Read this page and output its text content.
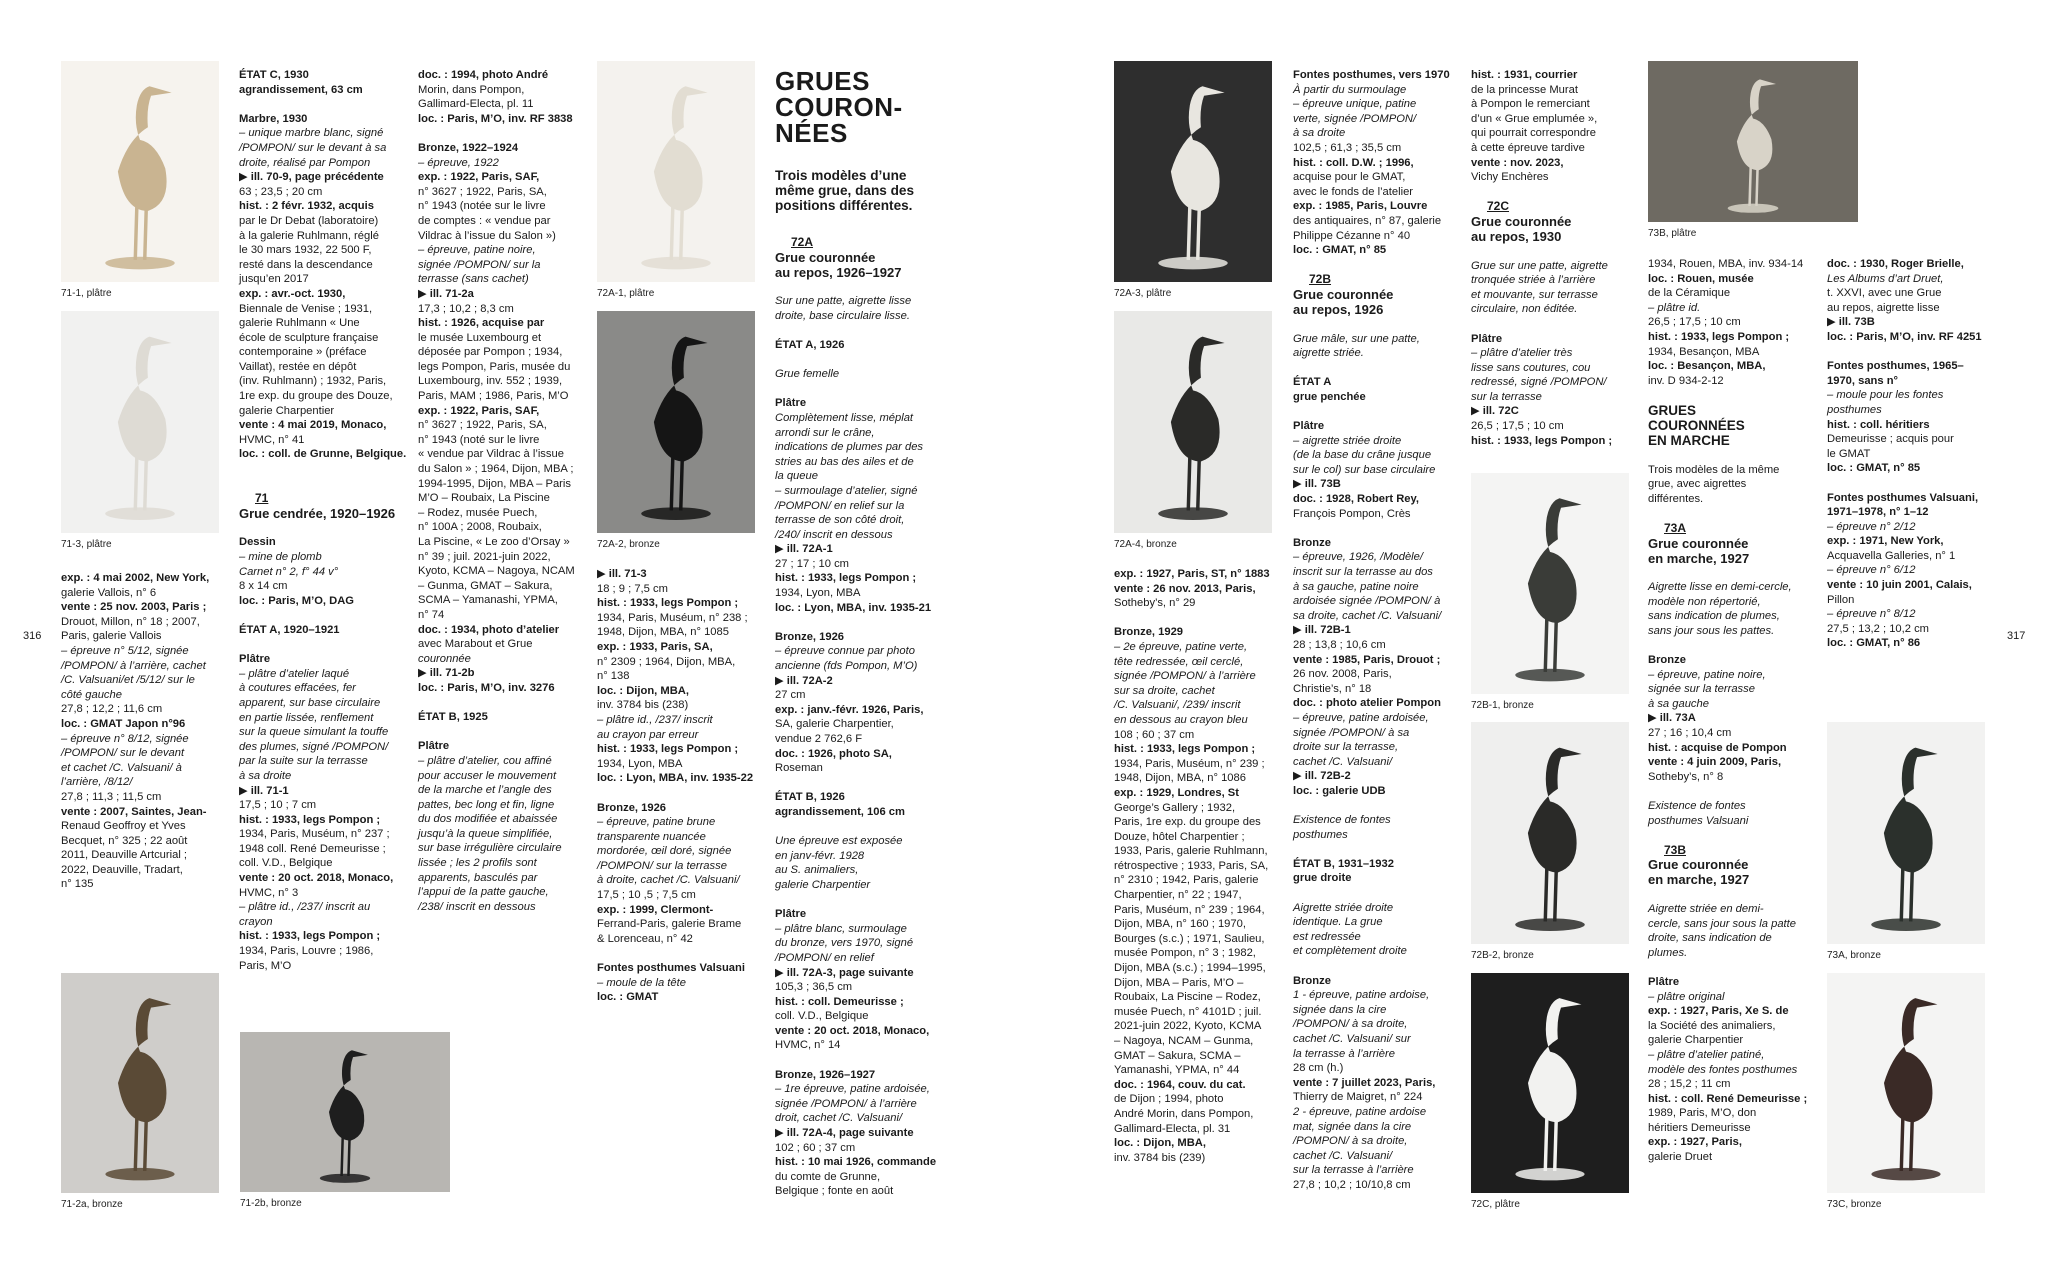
316
exp. : 4 mai 2002, New York,
galerie Vallois, n° 6
vente : 25 nov. 2003, Paris ;
Drouot, Millon, n° 18 ; 2007,
Paris, galerie Vallois
– épreuve n° 5/12, signée
/POMPON/ à l’arrière, cachet
/C. Valsuani/et /5/12/ sur le
côté gauche
27,8 ; 12,2 ; 11,6 cm
loc. : GMAT Japon n°96
– épreuve n° 8/12, signée
/POMPON/ sur le devant
et cachet /C. Valsuani/ à
l’arrière, /8/12/
27,8 ; 11,3 ; 11,5 cm
vente : 2007, Saintes, Jean-
Renaud Geoffroy et Yves
Becquet, n° 325 ; 22 août
2011, Deauville Artcurial ;
2022, Deauville, Tradart,
n° 135
ÉTAT C, 1930
agrandissement, 63 cm
Marbre, 1930
– unique marbre blanc, signé
/POMPON/ sur le devant à sa
droite, réalisé par Pompon
▶ ill. 70-9, page précédente
63 ; 23,5 ; 20 cm
hist. : 2 févr. 1932, acquis
par le Dr Debat (laboratoire)
à la galerie Ruhlmann, réglé
le 30 mars 1932, 22 500 F,
resté dans la descendance
jusqu’en 2017
exp. : avr.-oct. 1930,
Biennale de Venise ; 1931,
galerie Ruhlmann « Une
école de sculpture française
contemporaine » (préface
Vaillat), restée en dépôt
(inv. Ruhlmann) ; 1932, Paris,
1re exp. du groupe des Douze,
galerie Charpentier
vente : 4 mai 2019, Monaco,
HVMC, n° 41
loc. : coll. de Grunne, Belgique.
71
Grue cendrée, 1920–1926
Dessin
– mine de plomb
Carnet n° 2, f° 44 v°
8 x 14 cm
loc. : Paris, M’O, DAG
ÉTAT A, 1920–1921
Plâtre
– plâtre d’atelier laqué
à coutures effacées, fer
apparent, sur base circulaire
en partie lissée, renflement
sur la queue simulant la touffe
des plumes, signé /POMPON/
par la suite sur la terrasse
à sa droite
▶ ill. 71-1
17,5 ; 10 ; 7 cm
hist. : 1933, legs Pompon ;
1934, Paris, Muséum, n° 237 ;
1948 coll. René Demeurisse ;
coll. V.D., Belgique
vente : 20 oct. 2018, Monaco,
HVMC, n° 3
– plâtre id., /237/ inscrit au
crayon
hist. : 1933, legs Pompon ;
1934, Paris, Louvre ; 1986,
Paris, M’O
doc. : 1994, photo André
Morin, dans Pompon,
Gallimard-Electa, pl. 11
loc. : Paris, M’O, inv. RF 3838
Bronze, 1922–1924
– épreuve, 1922
exp. : 1922, Paris, SAF,
n° 3627 ; 1922, Paris, SA,
n° 1943 (notée sur le livre
de comptes : « vendue par
Vildrac à l’issue du Salon »)
– épreuve, patine noire,
signée /POMPON/ sur la
terrasse (sans cachet)
▶ ill. 71-2a
17,3 ; 10,2 ; 8,3 cm
hist. : 1926, acquise par
le musée Luxembourg et
déposée par Pompon ; 1934,
legs Pompon, Paris, musée du
Luxembourg, inv. 552 ; 1939,
Paris, MAM ; 1986, Paris, M’O
exp. : 1922, Paris, SAF,
n° 3627 ; 1922, Paris, SA,
n° 1943 (noté sur le livre
« vendue par Vildrac à l’issue
du Salon » ; 1964, Dijon, MBA ;
1994-1995, Dijon, MBA – Paris
M’O – Roubaix, La Piscine
– Rodez, musée Puech,
n° 100A ; 2008, Roubaix,
La Piscine, « Le zoo d’Orsay »
n° 39 ; juil. 2021-juin 2022,
Kyoto, KCMA – Nagoya, NCAM
– Gunma, GMAT – Sakura,
SCMA – Yamanashi, YPMA,
n° 74
doc. : 1934, photo d’atelier
avec Marabout et Grue
couronnée
▶ ill. 71-2b
loc. : Paris, M’O, inv. 3276
ÉTAT B, 1925
Plâtre
– plâtre d’atelier, cou affiné
pour accuser le mouvement
de la marche et l’angle des
pattes, bec long et fin, ligne
du dos modifiée et abaissée
jusqu’à la queue simplifiée,
sur base irrégulière circulaire
lissée ; les 2 profils sont
apparents, basculés par
l’appui de la patte gauche,
/238/ inscrit en dessous
▶ ill. 71-3
18 ; 9 ; 7,5 cm
hist. : 1933, legs Pompon ;
1934, Paris, Muséum, n° 238 ;
1948, Dijon, MBA, n° 1085
exp. : 1933, Paris, SA,
n° 2309 ; 1964, Dijon, MBA,
n° 138
loc. : Dijon, MBA,
inv. 3784 bis (238)
– plâtre id., /237/ inscrit
au crayon par erreur
hist. : 1933, legs Pompon ;
1934, Lyon, MBA
loc. : Lyon, MBA, inv. 1935-22
Bronze, 1926
– épreuve, patine brune
transparente nuancée
mordorée, œil doré, signée
/POMPON/ sur la terrasse
à droite, cachet /C. Valsuani/
17,5 ; 10 ,5 ; 7,5 cm
exp. : 1999, Clermont-
Ferrand-Paris, galerie Brame
& Lorenceau, n° 42
Fontes posthumes Valsuani
– moule de la tête
loc. : GMAT
GRUES
COURON-
NÉES
Trois modèles d’une
même grue, dans des
positions différentes.
72A
Grue couronnée
au repos, 1926–1927
Sur une patte, aigrette lisse
droite, base circulaire lisse.
ÉTAT A, 1926
Grue femelle
Plâtre
Complètement lisse, méplat
arrondi sur le crâne,
indications de plumes par des
stries au bas des ailes et de
la queue
– surmoulage d’atelier, signé
/POMPON/ en relief sur la
terrasse de son côté droit,
/240/ inscrit en dessous
▶ ill. 72A-1
27 ; 17 ; 10 cm
hist. : 1933, legs Pompon ;
1934, Lyon, MBA
loc. : Lyon, MBA, inv. 1935-21
Bronze, 1926
– épreuve connue par photo
ancienne (fds Pompon, M’O)
▶ ill. 72A-2
27 cm
exp. : janv.-févr. 1926, Paris,
SA, galerie Charpentier,
vendue 2 762,6 F
doc. : 1926, photo SA,
Roseman
ÉTAT B, 1926
agrandissement, 106 cm
Une épreuve est exposée
en janv-févr. 1928
au S. animaliers,
galerie Charpentier
Plâtre
– plâtre blanc, surmoulage
du bronze, vers 1970, signé
/POMPON/ en relief
▶ ill. 72A-3, page suivante
105,3 ; 36,5 cm
hist. : coll. Demeurisse ;
coll. V.D., Belgique
vente : 20 oct. 2018, Monaco,
HVMC, n° 14
Bronze, 1926–1927
– 1re épreuve, patine ardoisée,
signée /POMPON/ à l’arrière
droit, cachet /C. Valsuani/
▶ ill. 72A-4, page suivante
102 ; 60 ; 37 cm
hist. : 10 mai 1926, commande
du comte de Grunne,
Belgique ; fonte en août
317
exp. : 1927, Paris, ST, n° 1883
vente : 26 nov. 2013, Paris,
Sotheby’s, n° 29
Bronze, 1929
– 2e épreuve, patine verte,
tête redressée, œil cerclé,
signée /POMPON/ à l’arrière
sur sa droite, cachet
/C. Valsuani/, /239/ inscrit
en dessous au crayon bleu
108 ; 60 ; 37 cm
hist. : 1933, legs Pompon ;
1934, Paris, Muséum, n° 239 ;
1948, Dijon, MBA, n° 1086
exp. : 1929, Londres, St
George’s Gallery ; 1932,
Paris, 1re exp. du groupe des
Douze, hôtel Charpentier ;
1933, Paris, galerie Ruhlmann,
rétrospective ; 1933, Paris, SA,
n° 2310 ; 1942, Paris, galerie
Charpentier, n° 22 ; 1947,
Paris, Muséum, n° 239 ; 1964,
Dijon, MBA, n° 160 ; 1970,
Bourges (s.c.) ; 1971, Saulieu,
musée Pompon, n° 3 ; 1982,
Dijon, MBA (s.c.) ; 1994–1995,
Dijon, MBA – Paris, M’O –
Roubaix, La Piscine – Rodez,
musée Puech, n° 4101D ; juil.
2021-juin 2022, Kyoto, KCMA
– Nagoya, NCAM – Gunma,
GMAT – Sakura, SCMA –
Yamanashi, YPMA, n° 44
doc. : 1964, couv. du cat.
de Dijon ; 1994, photo
André Morin, dans Pompon,
Gallimard-Electa, pl. 31
loc. : Dijon, MBA,
inv. 3784 bis (239)
Fontes posthumes, vers 1970
À partir du surmoulage
– épreuve unique, patine
verte, signée /POMPON/
à sa droite
102,5 ; 61,3 ; 35,5 cm
hist. : coll. D.W. ; 1996,
acquise pour le GMAT,
avec le fonds de l’atelier
exp. : 1985, Paris, Louvre
des antiquaires, n° 87, galerie
Philippe Cézanne n° 40
loc. : GMAT, n° 85
72B
Grue couronnée
au repos, 1926
Grue mâle, sur une patte,
aigrette striée.
ÉTAT A
grue penchée
Plâtre
– aigrette striée droite
(de la base du crâne jusque
sur le col) sur base circulaire
▶ ill. 73B
doc. : 1928, Robert Rey,
François Pompon, Crès
Bronze
– épreuve, 1926, /Modèle/
inscrit sur la terrasse au dos
à sa gauche, patine noire
ardoisée signée /POMPON/ à
sa droite, cachet /C. Valsuani/
▶ ill. 72B-1
28 ; 13,8 ; 10,6 cm
vente : 1985, Paris, Drouot ;
26 nov. 2008, Paris,
Christie’s, n° 18
doc. : photo atelier Pompon
– épreuve, patine ardoisée,
signée /POMPON/ à sa
droite sur la terrasse,
cachet /C. Valsuani/
▶ ill. 72B-2
loc. : galerie UDB
Existence de fontes
posthumes
ÉTAT B, 1931–1932
grue droite
Aigrette striée droite
identique. La grue
est redressée
et complètement droite
Bronze
1 - épreuve, patine ardoise,
signée dans la cire
/POMPON/ à sa droite,
cachet /C. Valsuani/ sur
la terrasse à l’arrière
28 cm (h.)
vente : 7 juillet 2023, Paris,
Thierry de Maigret, n° 224
2 - épreuve, patine ardoise
mat, signée dans la cire
/POMPON/ à sa droite,
cachet /C. Valsuani/
sur la terrasse à l’arrière
27,8 ; 10,2 ; 10/10,8 cm
hist. : 1931, courrier
de la princesse Murat
à Pompon le remerciant
d’un « Grue emplumée »,
qui pourrait correspondre
à cette épreuve tardive
vente : nov. 2023,
Vichy Enchères
72C
Grue couronnée
au repos, 1930
Grue sur une patte, aigrette
tronquée striée à l’arrière
et mouvante, sur terrasse
circulaire, non éditée.
Plâtre
– plâtre d’atelier très
lisse sans coutures, cou
redressé, signé /POMPON/
sur la terrasse
▶ ill. 72C
26,5 ; 17,5 ; 10 cm
hist. : 1933, legs Pompon ;
1934, Rouen, MBA, inv. 934-14
loc. : Rouen, musée
de la Céramique
– plâtre id.
26,5 ; 17,5 ; 10 cm
hist. : 1933, legs Pompon ;
1934, Besançon, MBA
loc. : Besançon, MBA,
inv. D 934-2-12
GRUES
COURONNÉES
EN MARCHE
Trois modèles de la même
grue, avec aigrettes
différentes.
73A
Grue couronnée
en marche, 1927
Aigrette lisse en demi-cercle,
modèle non répertorié,
sans indication de plumes,
sans jour sous les pattes.
Bronze
– épreuve, patine noire,
signée sur la terrasse
à sa gauche
▶ ill. 73A
27 ; 16 ; 10,4 cm
hist. : acquise de Pompon
vente : 4 juin 2009, Paris,
Sotheby’s, n° 8
Existence de fontes
posthumes Valsuani
73B
Grue couronnée
en marche, 1927
Aigrette striée en demi-
cercle, sans jour sous la patte
droite, sans indication de
plumes.
Plâtre
– plâtre original
exp. : 1927, Paris, Xe S. de
la Société des animaliers,
galerie Charpentier
– plâtre d’atelier patiné,
modèle des fontes posthumes
28 ; 15,2 ; 11 cm
hist. : coll. René Demeurisse ;
1989, Paris, M’O, don
héritiers Demeurisse
exp. : 1927, Paris,
galerie Druet
doc. : 1930, Roger Brielle,
Les Albums d’art Druet,
t. XXVI, avec une Grue
au repos, aigrette lisse
▶ ill. 73B
loc. : Paris, M’O, inv. RF 4251
Fontes posthumes, 1965–
1970, sans n°
– moule pour les fontes
posthumes
hist. : coll. héritiers
Demeurisse ; acquis pour
le GMAT
loc. : GMAT, n° 85
Fontes posthumes Valsuani,
1971–1978, n° 1–12
– épreuve n° 2/12
exp. : 1971, New York,
Acquavella Galleries, n° 1
– épreuve n° 6/12
vente : 10 juin 2001, Calais,
Pillon
– épreuve n° 8/12
27,5 ; 13,2 ; 10,2 cm
loc. : GMAT, n° 86
71-1, plâtre
71-3, plâtre
71-2a, bronze	71-2b, bronze
72A-1, plâtre
72A-2, bronze
72A-3, plâtre
72A-4, bronze
72B-1, bronze
72B-2, bronze
72C, plâtre
73B, plâtre
73A, bronze
73C, bronze
